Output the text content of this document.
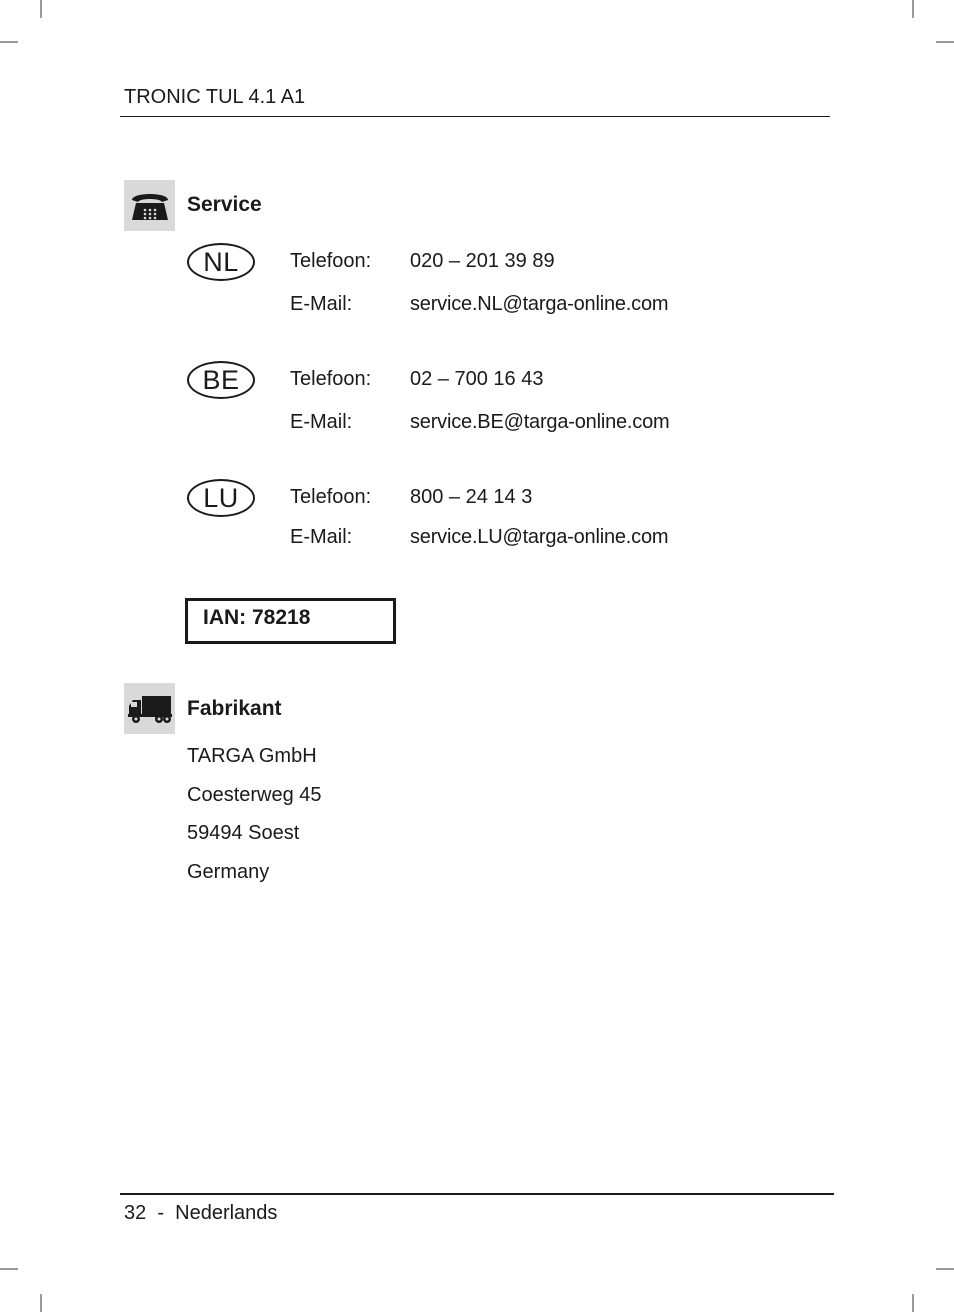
TRONIC TUL 4.1 A1
Service
NL	Telefoon: 020 – 201 39 89
E-Mail:	service.NL@targa-online.com
BE	Telefoon: 02 – 700 16 43
E-Mail:	service.BE@targa-online.com
LU	Telefoon: 800 – 24 14 3
E-Mail:	service.LU@targa-online.com
IAN: 78218
Fabrikant
TARGA GmbH
Coesterweg 45
59494 Soest
Germany
32  -  Nederlands
